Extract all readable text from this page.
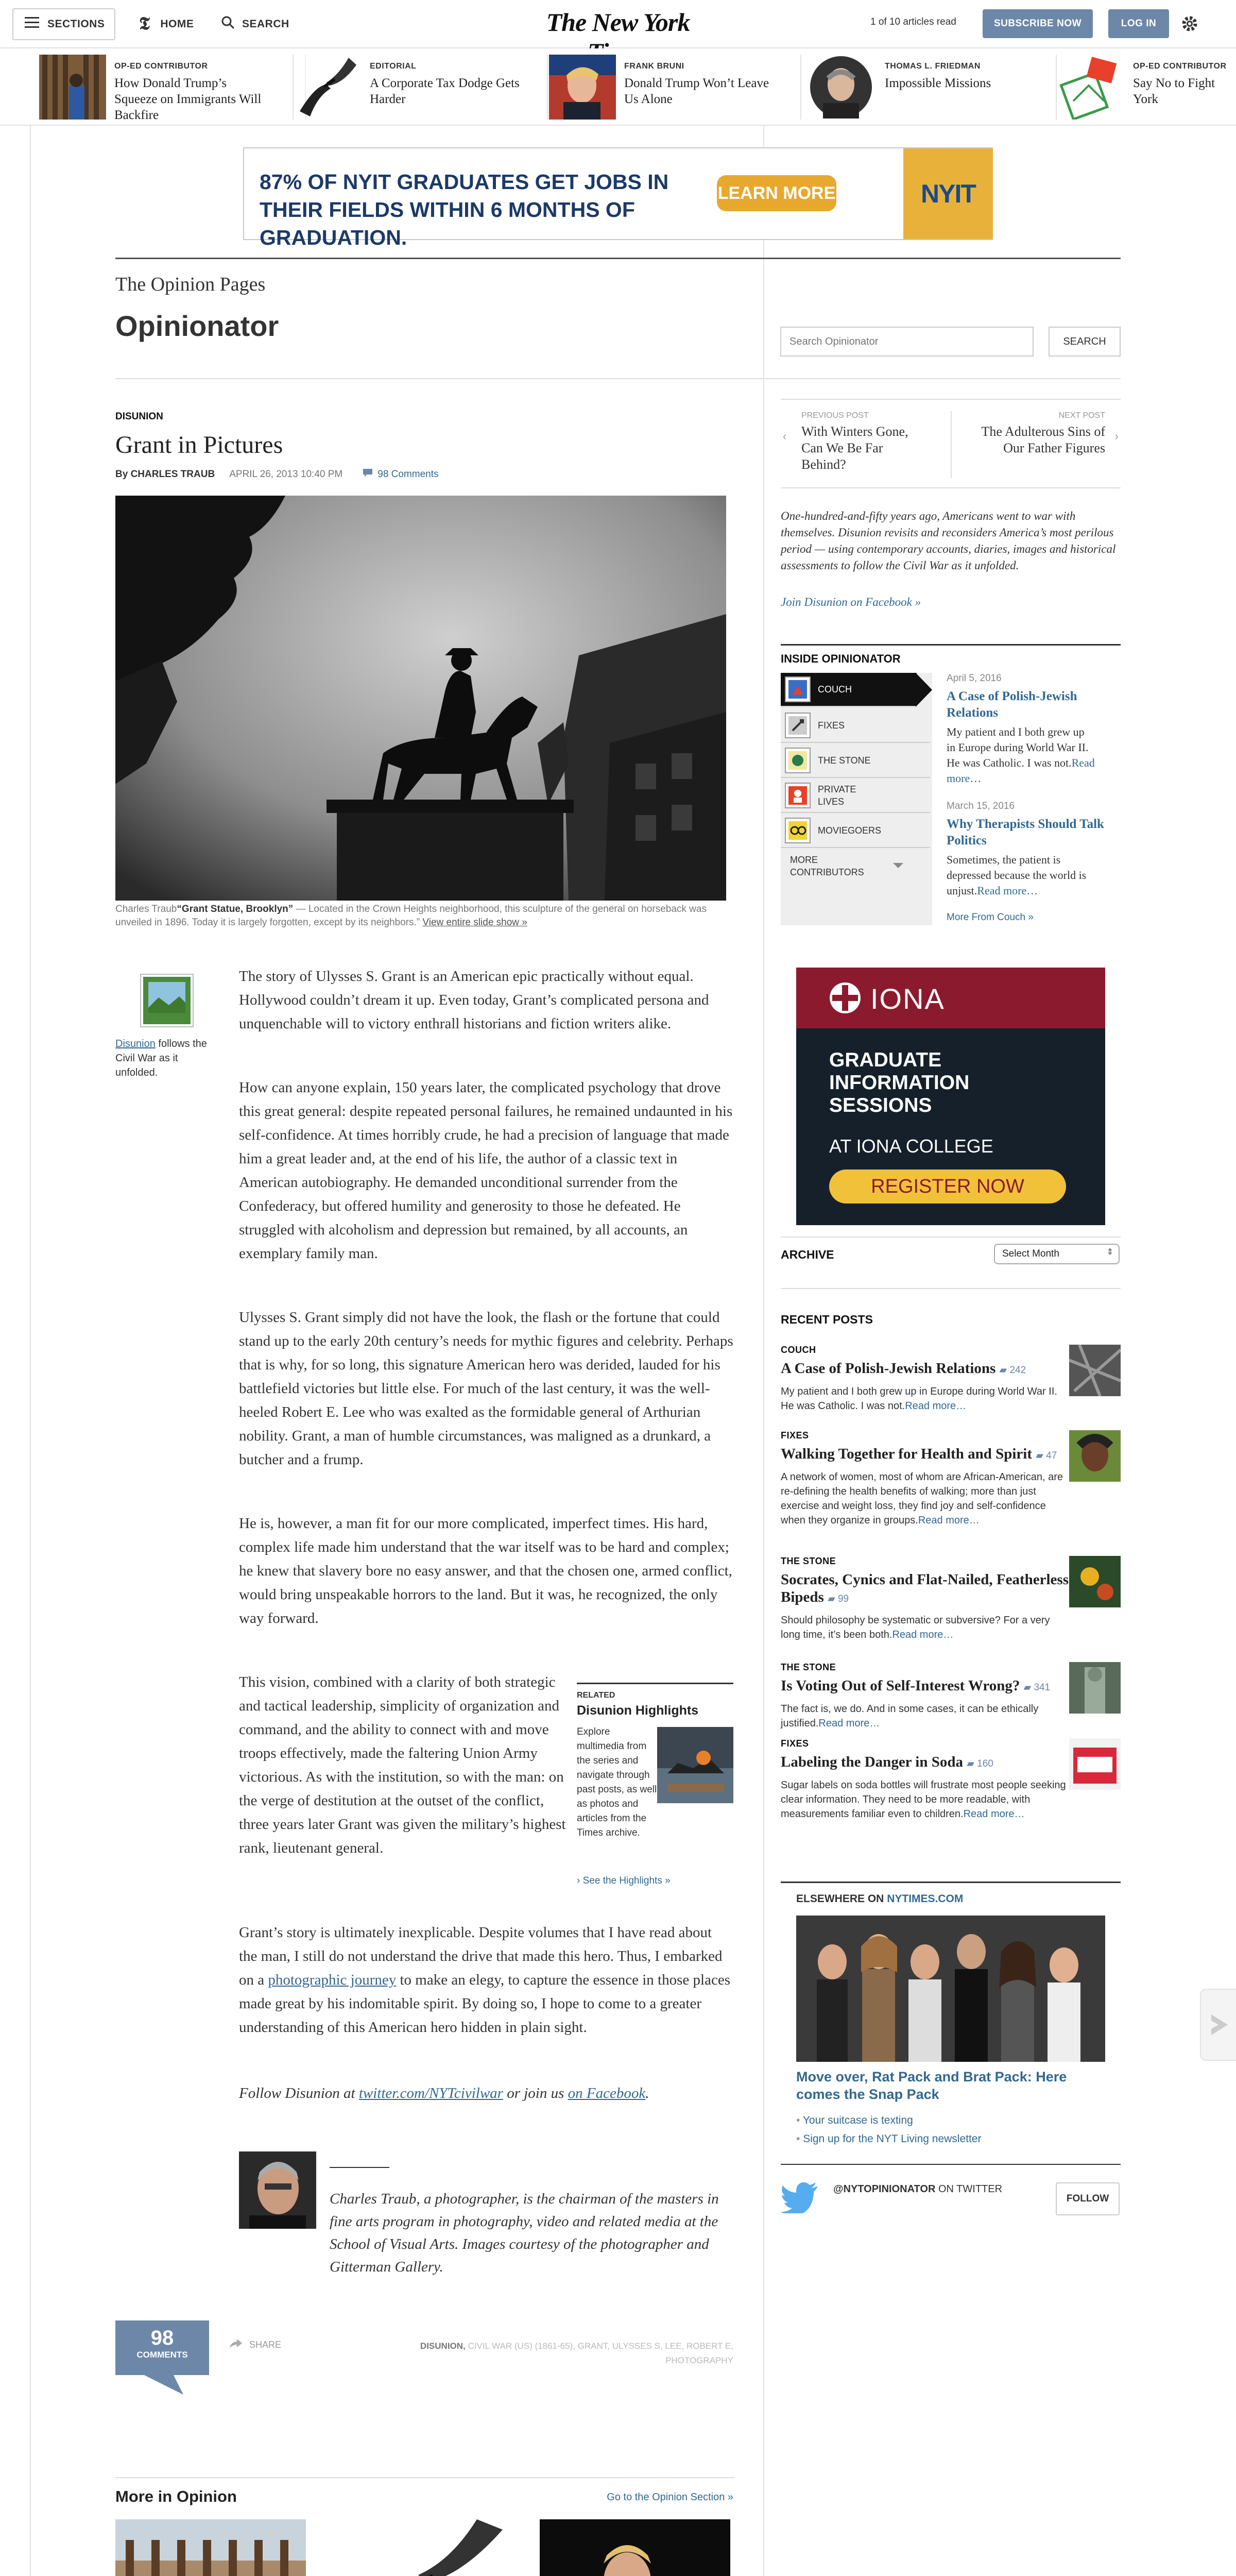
SECTIONS 𝕿 HOME	SEARCH	The New York	1 of 10 articles read	SUBSCRIBE NOW	LOG IN
OP-ED CONTRIBUTOR
How Donald Trump’s Squeeze on Immigrants Will Backfire
EDITORIAL
A Corporate Tax Dodge Gets Harder
FRANK BRUNI
Donald Trump Won’t Leave Us Alone
THOMAS L. FRIEDMAN
Impossible Missions
OP-ED CONTRIBUTOR
Say No to Fight York
87% OF NYIT GRADUATES GET JOBS IN THEIR FIELDS WITHIN 6 MONTHS OF GRADUATION.
LEARN MORE	NYIT
The Opinion Pages
Opinionator
Search Opinionator	SEARCH
DISUNION
Grant in Pictures
By CHARLES TRAUB APRIL 26, 2013 10:40 PM	98 Comments
Charles Traub“Grant Statue, Brooklyn” — Located in the Crown Heights neighborhood, this sculpture of the general on horseback was unveiled in 1896. Today it is largely forgotten, except by its neighbors.” View entire slide show »
Disunion follows the Civil War as it unfolded.

The story of Ulysses S. Grant is an American epic practically without equal. Hollywood couldn’t dream it up. Even today, Grant’s complicated persona and unquenchable will to victory enthrall historians and fiction writers alike.

How can anyone explain, 150 years later, the complicated psychology that drove this great general: despite repeated personal failures, he remained undaunted in his self-confidence. At times horribly crude, he had a precision of language that made him a great leader and, at the end of his life, the author of a classic text in American autobiography. He demanded unconditional surrender from the Confederacy, but offered humility and generosity to those he defeated. He struggled with alcoholism and depression but remained, by all accounts, an exemplary family man.

Ulysses S. Grant simply did not have the look, the flash or the fortune that could stand up to the early 20th century’s needs for mythic figures and celebrity. Perhaps that is why, for so long, this signature American hero was derided, lauded for his battlefield victories but little else. For much of the last century, it was the well-heeled Robert E. Lee who was exalted as the formidable general of Arthurian nobility. Grant, a man of humble circumstances, was maligned as a drunkard, a butcher and a frump.

He is, however, a man fit for our more complicated, imperfect times. His hard, complex life made him understand that the war itself was to be hard and complex; he knew that slavery bore no easy answer, and that the chosen one, armed conflict, would bring unspeakable horrors to the land. But it was, he recognized, the only way forward.

This vision, combined with a clarity of both strategic and tactical leadership, simplicity of organization and command, and the ability to connect with and move troops effectively, made the faltering Union Army victorious. As with the institution, so with the man: on the verge of destitution at the outset of the conflict, three years later Grant was given the military’s highest rank, lieutenant general.

RELATED
Disunion Highlights
Explore multimedia from the series and navigate through past posts, as well as photos and articles from the Times archive.
› See the Highlights »

Grant’s story is ultimately inexplicable. Despite volumes that I have read about the man, I still do not understand the drive that made this hero. Thus, I embarked on a photographic journey to make an elegy, to capture the essence in those places made great by his indomitable spirit. By doing so, I hope to come to a greater understanding of this American hero hidden in plain sight.

Follow Disunion at twitter.com/NYTcivilwar or join us on Facebook.

Charles Traub, a photographer, is the chairman of the masters in fine arts program in photography, video and related media at the School of Visual Arts. Images courtesy of the photographer and Gitterman Gallery.

98
COMMENTS
SHARE	DISUNION, CIVIL WAR (US) (1861-65), GRANT, ULYSSES S, LEE, ROBERT E, PHOTOGRAPHY
More in Opinion	Go to the Opinion Section »
PREVIOUS POST
‹ With Winters Gone, Can We Be Far Behind?
NEXT POST
›
The Adulterous Sins of Our Father Figures

One-hundred-and-fifty years ago, Americans went to war with themselves. Disunion revisits and reconsiders America’s most perilous period — using contemporary accounts, diaries, images and historical assessments to follow the Civil War as it unfolded.

Join Disunion on Facebook »
INSIDE OPINIONATOR
COUCH
FIXES
THE STONE
PRIVATE LIVES
MOVIEGOERS
MORE CONTRIBUTORS
April 5, 2016
A Case of Polish-Jewish Relations
My patient and I both grew up in Europe during World War II. He was Catholic. I was not.Read more…
March 15, 2016
Why Therapists Should Talk Politics
Sometimes, the patient is depressed because the world is unjust.Read more…
More From Couch »
IONA
GRADUATE INFORMATION SESSIONS
AT IONA COLLEGE
REGISTER NOW
ARCHIVE	Select Month	⇕
RECENT POSTS
COUCH
A Case of Polish-Jewish Relations ▰ 242
My patient and I both grew up in Europe during World War II. He was Catholic. I was not.Read more…
FIXES
Walking Together for Health and Spirit ▰ 47
A network of women, most of whom are African-American, are re-defining the health benefits of walking; more than just exercise and weight loss, they find joy and self-confidence when they organize in groups.Read more…
THE STONE
Socrates, Cynics and Flat-Nailed, Featherless Bipeds ▰ 99
Should philosophy be systematic or subversive? For a very long time, it’s been both.Read more…
THE STONE
Is Voting Out of Self-Interest Wrong? ▰ 341
The fact is, we do. And in some cases, it can be ethically justified.Read more…
FIXES
Labeling the Danger in Soda ▰ 160
Sugar labels on soda bottles will frustrate most people seeking clear information. They need to be more readable, with measurements familiar even to children.Read more…
ELSEWHERE ON NYTIMES.COM
Move over, Rat Pack and Brat Pack: Here comes the Snap Pack
• Your suitcase is texting
• Sign up for the NYT Living newsletter
@NYTOPINIONATOR ON TWITTER
FOLLOW
